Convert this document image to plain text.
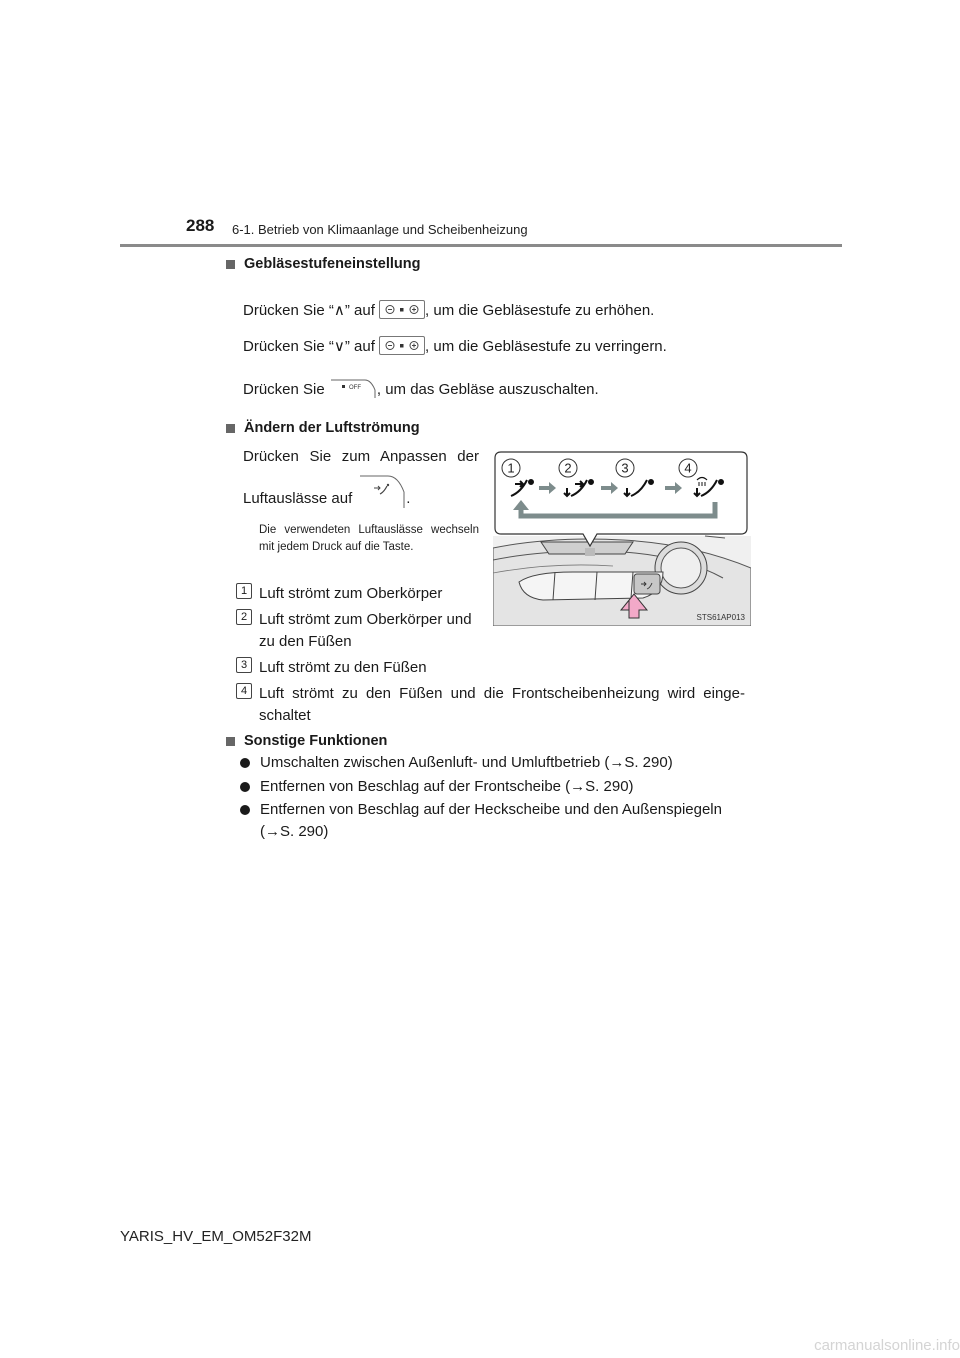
288 6-1. Betrieb von Klimaanlage und Scheibenheizung
Gebläsestufeneinstellung
Drücken Sie “∧” auf	, um die Gebläsestufe zu erhöhen.
Drücken Sie “∨” auf	, um die Gebläsestufe zu verringern.
Drücken Sie	OFF , um das Gebläse auszuschalten.
Ändern der Luftströmung
Drücken Sie zum Anpassen der
Luftauslässe auf	.
Die verwendeten Luftauslässe wechseln mit jedem Druck auf die Taste.
1	2	3	4
STS61AP013
1 Luft strömt zum Oberkörper
2 Luft strömt zum Oberkörper und zu den Füßen
3 Luft strömt zu den Füßen
4 Luft strömt zu den Füßen und die Frontscheibenheizung wird einge-schaltet
Sonstige Funktionen
Umschalten zwischen Außenluft- und Umluftbetrieb (→S. 290)
Entfernen von Beschlag auf der Frontscheibe (→S. 290)
Entfernen von Beschlag auf der Heckscheibe und den Außenspiegeln (→S. 290)
YARIS_HV_EM_OM52F32M
carmanualsonline.info
